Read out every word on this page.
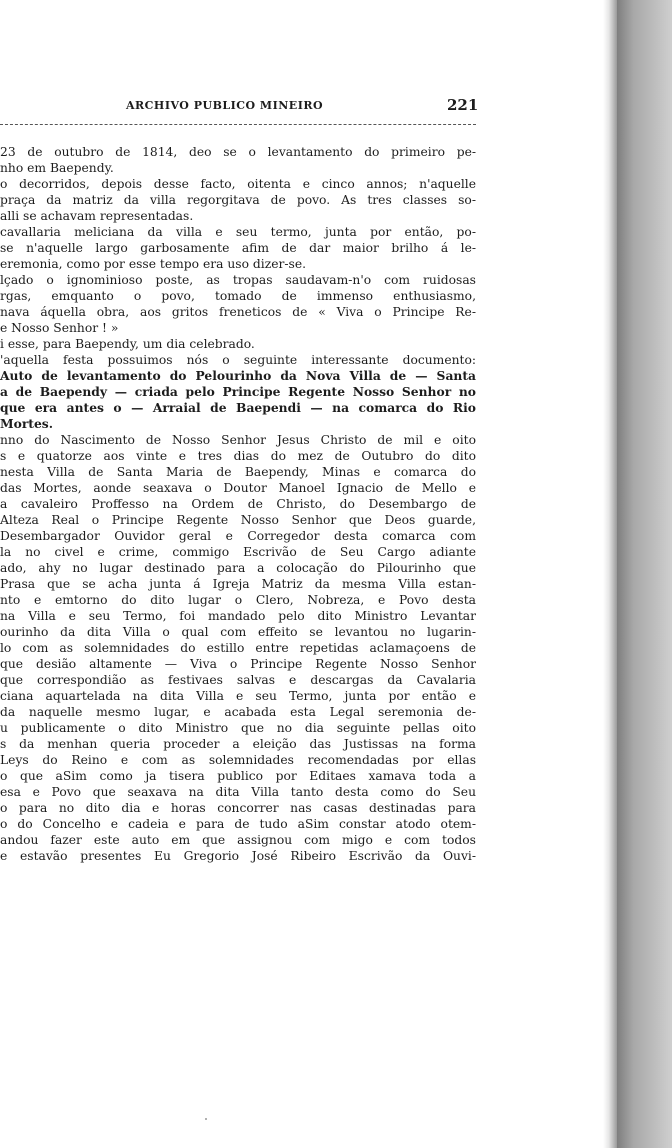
ARCHIVO PUBLICO MINEIRO	221
23 de outubro de 1814, deo se o levantamento do primeiro pe-
nho em Baependy.
o decorridos, depois desse facto, oitenta e cinco annos; n'aquelle
praça da matriz da villa regorgitava de povo. As tres classes so-
alli se achavam representadas.
cavallaria meliciana da villa e seu termo, junta por então, po-
se n'aquelle largo garbosamente afim de dar maior brilho á le-
eremonia, como por esse tempo era uso dizer-se.
lçado o ignominioso poste, as tropas saudavam-n'o com ruidosas
rgas, emquanto o povo, tomado de immenso enthusiasmo,
nava áquella obra, aos gritos freneticos de « Viva o Principe Re-
e Nosso Senhor ! »
i esse, para Baependy, um dia celebrado.
'aquella festa possuimos nós o seguinte interessante documento:
Auto de levantamento do Pelourinho da Nova Villa de — Santa
a de Baependy — criada pelo Principe Regente Nosso Senhor no
que era antes o — Arraial de Baependi — na comarca do Rio
Mortes.
nno do Nascimento de Nosso Senhor Jesus Christo de mil e oito
s e quatorze aos vinte e tres dias do mez de Outubro do dito
nesta Villa de Santa Maria de Baependy, Minas e comarca do
das Mortes, aonde seaxava o Doutor Manoel Ignacio de Mello e
a cavaleiro Proffesso na Ordem de Christo, do Desembargo de
Alteza Real o Principe Regente Nosso Senhor que Deos guarde,
Desembargador Ouvidor geral e Corregedor desta comarca com
la no civel e crime, commigo Escrivão de Seu Cargo adiante
ado, ahy no lugar destinado para a colocação do Pilourinho que
Prasa que se acha junta á Igreja Matriz da mesma Villa estan-
nto e emtorno do dito lugar o Clero, Nobreza, e Povo desta
na Villa e seu Termo, foi mandado pelo dito Ministro Levantar
ourinho da dita Villa o qual com effeito se levantou no lugarin-
lo com as solemnidades do estillo entre repetidas aclamaçoens de
que desião altamente — Viva o Principe Regente Nosso Senhor
que correspondião as festivaes salvas e descargas da Cavalaria
ciana aquartelada na dita Villa e seu Termo, junta por então e
da naquelle mesmo lugar, e acabada esta Legal seremonia de-
u publicamente o dito Ministro que no dia seguinte pellas oito
s da menhan queria proceder a eleição das Justissas na forma
Leys do Reino e com as solemnidades recomendadas por ellas
o que aSim como ja tisera publico por Editaes xamava toda a
esa e Povo que seaxava na dita Villa tanto desta como do Seu
o para no dito dia e horas concorrer nas casas destinadas para
o do Concelho e cadeia e para de tudo aSim constar atodo otem-
andou fazer este auto em que assignou com migo e com todos
e estavão presentes Eu Gregorio José Ribeiro Escrivão da Ouvi-
